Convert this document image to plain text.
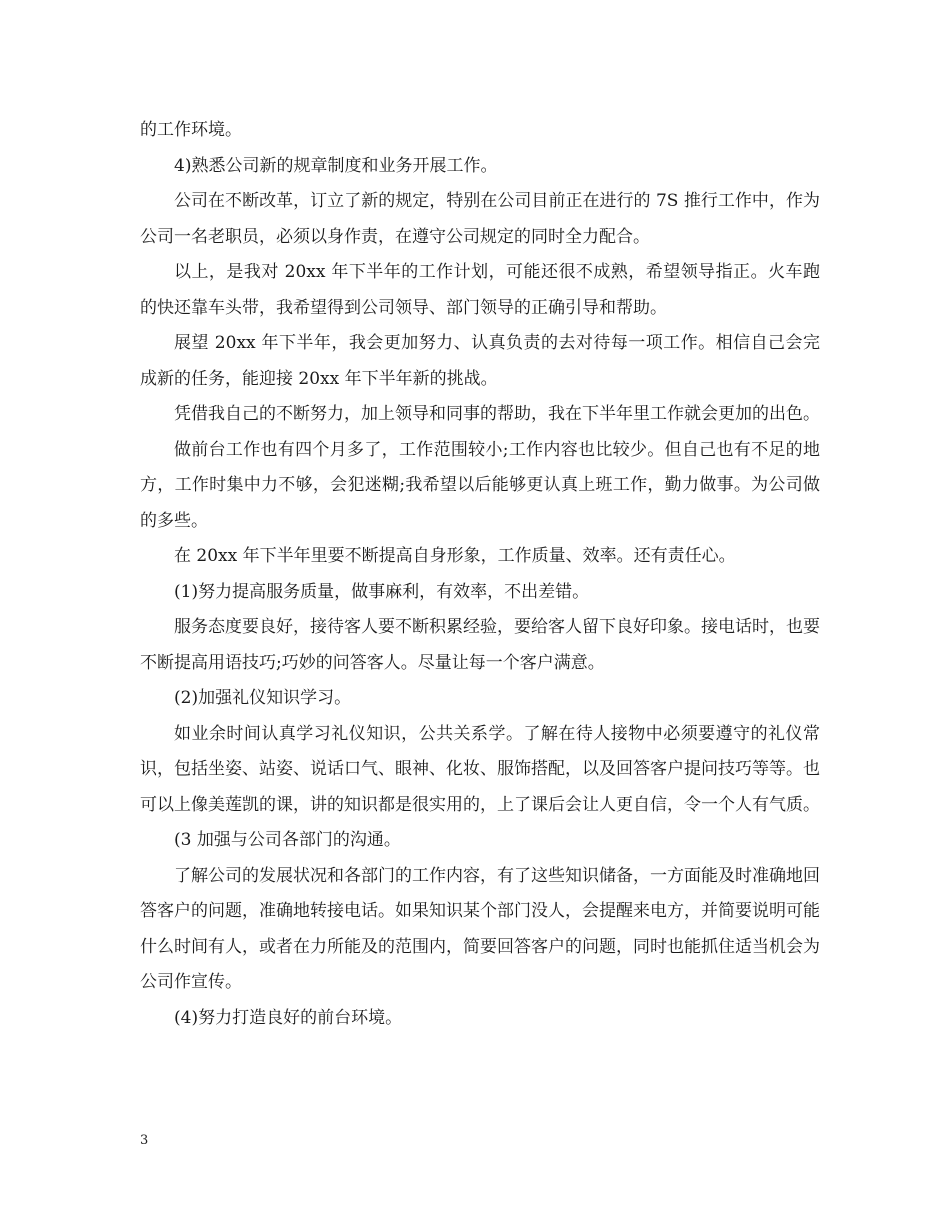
的工作环境。

4)熟悉公司新的规章制度和业务开展工作。

公司在不断改革，订立了新的规定，特别在公司目前正在进行的 7S 推行工作中，作为公司一名老职员，必须以身作责，在遵守公司规定的同时全力配合。

以上，是我对 20xx 年下半年的工作计划，可能还很不成熟，希望领导指正。火车跑的快还靠车头带，我希望得到公司领导、部门领导的正确引导和帮助。

展望 20xx 年下半年，我会更加努力、认真负责的去对待每一项工作。相信自己会完成新的任务，能迎接 20xx 年下半年新的挑战。

凭借我自己的不断努力，加上领导和同事的帮助，我在下半年里工作就会更加的出色。

做前台工作也有四个月多了，工作范围较小;工作内容也比较少。但自己也有不足的地方，工作时集中力不够，会犯迷糊;我希望以后能够更认真上班工作，勤力做事。为公司做的多些。

在 20xx 年下半年里要不断提高自身形象，工作质量、效率。还有责任心。

(1)努力提高服务质量，做事麻利，有效率，不出差错。

服务态度要良好，接待客人要不断积累经验，要给客人留下良好印象。接电话时，也要不断提高用语技巧;巧妙的问答客人。尽量让每一个客户满意。

(2)加强礼仪知识学习。

如业余时间认真学习礼仪知识，公共关系学。了解在待人接物中必须要遵守的礼仪常识，包括坐姿、站姿、说话口气、眼神、化妆、服饰搭配，以及回答客户提问技巧等等。也可以上像美莲凯的课，讲的知识都是很实用的，上了课后会让人更自信，令一个人有气质。

(3 加强与公司各部门的沟通。

了解公司的发展状况和各部门的工作内容，有了这些知识储备，一方面能及时准确地回答客户的问题，准确地转接电话。如果知识某个部门没人，会提醒来电方，并简要说明可能什么时间有人，或者在力所能及的范围内，简要回答客户的问题，同时也能抓住适当机会为公司作宣传。

(4)努力打造良好的前台环境。

3
